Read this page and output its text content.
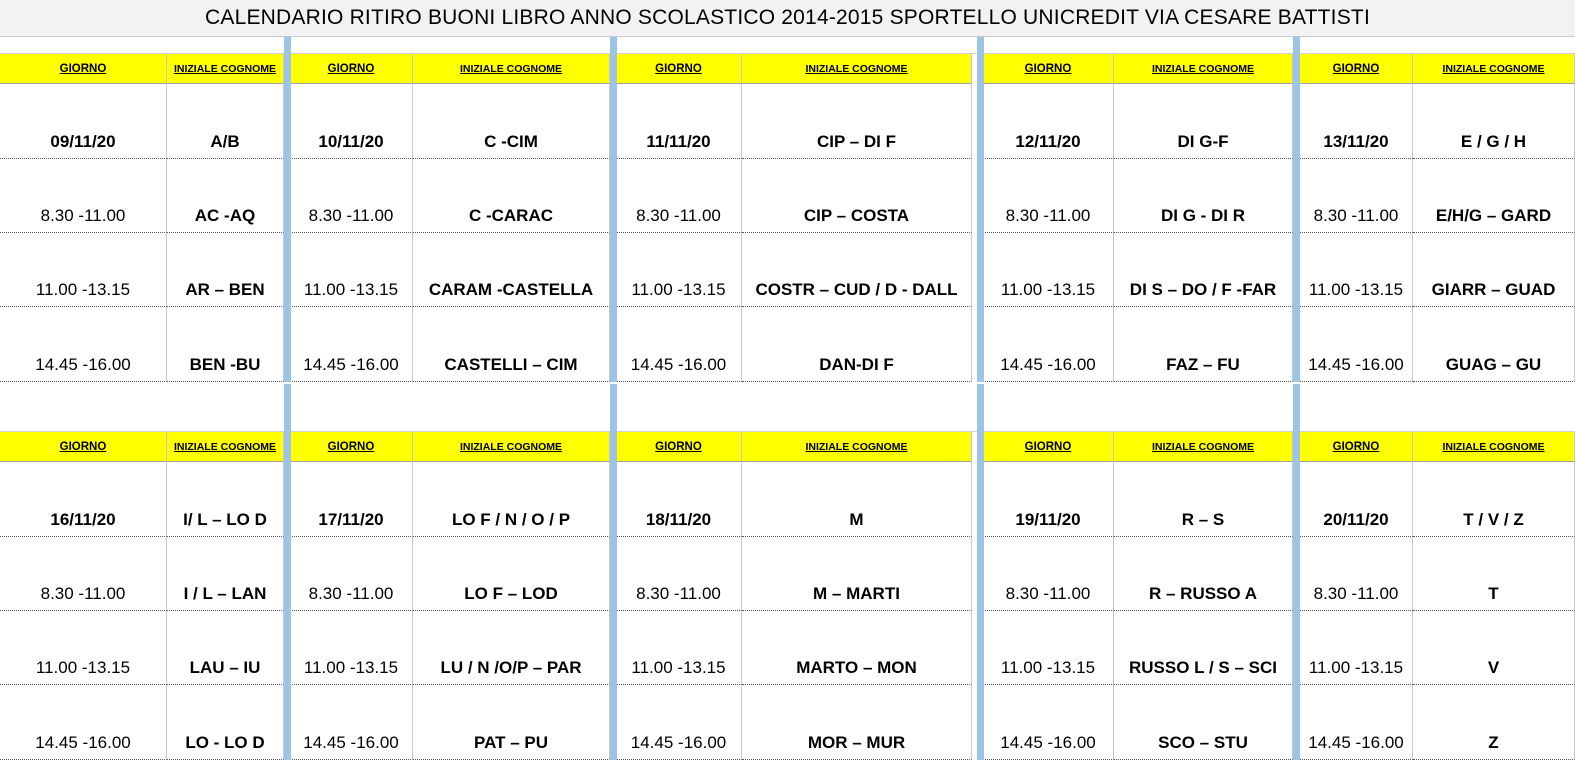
CALENDARIO RITIRO BUONI LIBRO ANNO SCOLASTICO 2014-2015 SPORTELLO UNICREDIT VIA CESARE BATTISTI
GIORNO
09/11/20
8.30 -11.00
11.00 -13.15
14.45 -16.00
INIZIALE COGNOME
A/B
AC -AQ
AR – BEN
BEN -BU
GIORNO
10/11/20
8.30 -11.00
11.00 -13.15
14.45 -16.00
INIZIALE COGNOME
C -CIM
C -CARAC
CARAM -CASTELLA
CASTELLI – CIM
GIORNO
11/11/20
8.30 -11.00
11.00 -13.15
14.45 -16.00
INIZIALE COGNOME
CIP – DI F
CIP – COSTA
COSTR – CUD / D - DALL
DAN-DI F
GIORNO
12/11/20
8.30 -11.00
11.00 -13.15
14.45 -16.00
INIZIALE COGNOME
DI G-F
DI G - DI R
DI S – DO / F -FAR
FAZ – FU
GIORNO
13/11/20
8.30 -11.00
11.00 -13.15
14.45 -16.00
INIZIALE COGNOME
E / G / H
E/H/G – GARD
GIARR – GUAD
GUAG – GU
GIORNO
16/11/20
8.30 -11.00
11.00 -13.15
14.45 -16.00
INIZIALE COGNOME
I/ L – LO D
I / L – LAN
LAU – IU
LO - LO D
GIORNO
17/11/20
8.30 -11.00
11.00 -13.15
14.45 -16.00
INIZIALE COGNOME
LO F / N / O / P
LO F – LOD
LU / N /O/P – PAR
PAT – PU
GIORNO
18/11/20
8.30 -11.00
11.00 -13.15
14.45 -16.00
INIZIALE COGNOME
M
M – MARTI
MARTO – MON
MOR – MUR
GIORNO
19/11/20
8.30 -11.00
11.00 -13.15
14.45 -16.00
INIZIALE COGNOME
R – S
R – RUSSO A
RUSSO L / S – SCI
SCO – STU
GIORNO
20/11/20
8.30 -11.00
11.00 -13.15
14.45 -16.00
INIZIALE COGNOME
T / V / Z
T
V
Z
